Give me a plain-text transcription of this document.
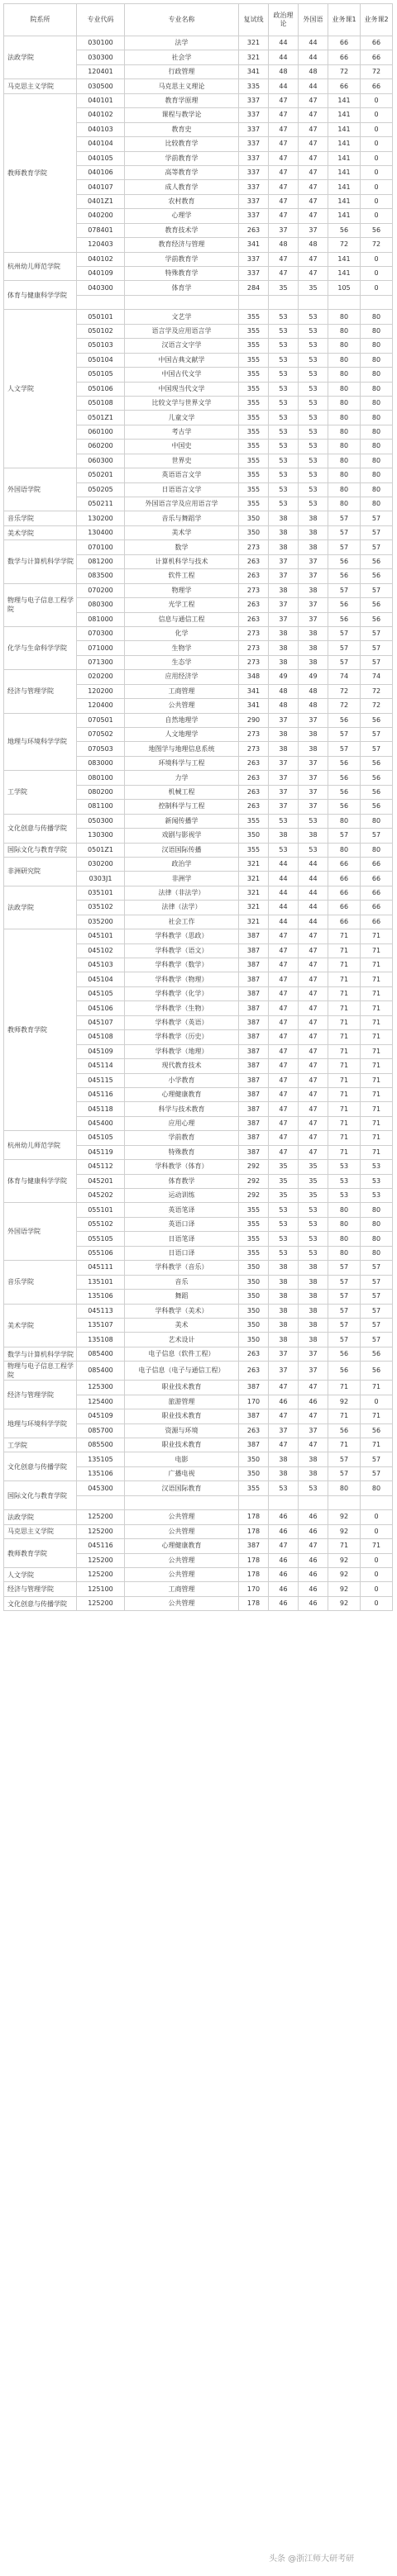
院系所	专业代码	专业名称	复试线	政治理论	外国语	业务课1	业务课2
法政学院	030100	法学	321	44	44	66	66
	030300	社会学	321	44	44	66	66
	120401	行政管理	341	48	48	72	72
马克思主义学院	030500	马克思主义理论	335	44	44	66	66
教师教育学院	040101	教育学原理	337	47	47	141	0
	040102	课程与教学论	337	47	47	141	0
	040103	教育史	337	47	47	141	0
	040104	比较教育学	337	47	47	141	0
	040105	学前教育学	337	47	47	141	0
	040106	高等教育学	337	47	47	141	0
	040107	成人教育学	337	47	47	141	0
	0401Z1	农村教育	337	47	47	141	0
	040200	心理学	337	47	47	141	0
	078401	教育技术学	263	37	37	56	56
	120403	教育经济与管理	341	48	48	72	72
杭州幼儿师范学院	040102	学前教育学	337	47	47	141	0
	040109	特殊教育学	337	47	47	141	0
体育与健康科学学院	040300	体育学	284	35	35	105	0

人文学院	050101	文艺学	355	53	53	80	80
	050102	语言学及应用语言学	355	53	53	80	80
	050103	汉语言文字学	355	53	53	80	80
	050104	中国古典文献学	355	53	53	80	80
	050105	中国古代文学	355	53	53	80	80
	050106	中国现当代文学	355	53	53	80	80
	050108	比较文学与世界文学	355	53	53	80	80
	0501Z1	儿童文学	355	53	53	80	80
	060100	考古学	355	53	53	80	80
	060200	中国史	355	53	53	80	80
	060300	世界史	355	53	53	80	80
外国语学院	050201	英语语言文学	355	53	53	80	80
	050205	日语语言文学	355	53	53	80	80
	050211	外国语言学及应用语言学	355	53	53	80	80
音乐学院	130200	音乐与舞蹈学	350	38	38	57	57
美术学院	130400	美术学	350	38	38	57	57
数学与计算机科学学院	070100	数学	273	38	38	57	57
	081200	计算机科学与技术	263	37	37	56	56
	083500	软件工程	263	37	37	56	56
物理与电子信息工程学院	070200	物理学	273	38	38	57	57
	080300	光学工程	263	37	37	56	56
	081000	信息与通信工程	263	37	37	56	56
化学与生命科学学院	070300	化学	273	38	38	57	57
	071000	生物学	273	38	38	57	57
	071300	生态学	273	38	38	57	57
经济与管理学院	020200	应用经济学	348	49	49	74	74
	120200	工商管理	341	48	48	72	72
	120400	公共管理	341	48	48	72	72
地理与环境科学学院	070501	自然地理学	290	37	37	56	56
	070502	人文地理学	273	38	38	57	57
	070503	地图学与地理信息系统	273	38	38	57	57
	083000	环境科学与工程	263	37	37	56	56
工学院	080100	力学	263	37	37	56	56
	080200	机械工程	263	37	37	56	56
	081100	控制科学与工程	263	37	37	56	56
文化创意与传播学院	050300	新闻传播学	355	53	53	80	80
	130300	戏剧与影视学	350	38	38	57	57
国际文化与教育学院	0501Z1	汉语国际传播	355	53	53	80	80
非洲研究院	030200	政治学	321	44	44	66	66
	0303J1	非洲学	321	44	44	66	66
法政学院	035101	法律（非法学）	321	44	44	66	66
	035102	法律（法学）	321	44	44	66	66
	035200	社会工作	321	44	44	66	66
教师教育学院	045101	学科教学（思政）	387	47	47	71	71
	045102	学科教学（语文）	387	47	47	71	71
	045103	学科教学（数学）	387	47	47	71	71
	045104	学科教学（物理）	387	47	47	71	71
	045105	学科教学（化学）	387	47	47	71	71
	045106	学科教学（生物）	387	47	47	71	71
	045107	学科教学（英语）	387	47	47	71	71
	045108	学科教学（历史）	387	47	47	71	71
	045109	学科教学（地理）	387	47	47	71	71
	045114	现代教育技术	387	47	47	71	71
	045115	小学教育	387	47	47	71	71
	045116	心理健康教育	387	47	47	71	71
	045118	科学与技术教育	387	47	47	71	71
	045400	应用心理	387	47	47	71	71
杭州幼儿师范学院	045105	学前教育	387	47	47	71	71
	045119	特殊教育	387	47	47	71	71
体育与健康科学学院	045112	学科教学（体育）	292	35	35	53	53
	045201	体育教学	292	35	35	53	53
	045202	运动训练	292	35	35	53	53
外国语学院	055101	英语笔译	355	53	53	80	80
	055102	英语口译	355	53	53	80	80
	055105	日语笔译	355	53	53	80	80
	055106	日语口译	355	53	53	80	80
音乐学院	045111	学科教学（音乐）	350	38	38	57	57
	135101	音乐	350	38	38	57	57
	135106	舞蹈	350	38	38	57	57
美术学院	045113	学科教学（美术）	350	38	38	57	57
	135107	美术	350	38	38	57	57
	135108	艺术设计	350	38	38	57	57
数学与计算机科学学院	085400	电子信息（软件工程）	263	37	37	56	56
物理与电子信息工程学院	085400	电子信息（电子与通信工程）	263	37	37	56	56
经济与管理学院	125300	职业技术教育	387	47	47	71	71
	125400	旅游管理	170	46	46	92	0
地理与环境科学学院	045109	职业技术教育	387	47	47	71	71
	085700	资源与环境	263	37	37	56	56
工学院	085500	职业技术教育	387	47	47	71	71
文化创意与传播学院	135105	电影	350	38	38	57	57
	135106	广播电视	350	38	38	57	57
国际文化与教育学院	045300	汉语国际教育	355	53	53	80	80

法政学院	125200	公共管理	178	46	46	92	0
马克思主义学院	125200	公共管理	178	46	46	92	0
教师教育学院	045116	心理健康教育	387	47	47	71	71
	125200	公共管理	178	46	46	92	0
人文学院	125200	公共管理	178	46	46	92	0
经济与管理学院	125100	工商管理	170	46	46	92	0
文化创意与传播学院	125200	公共管理	178	46	46	92	0
头条 @浙江师大研考研
